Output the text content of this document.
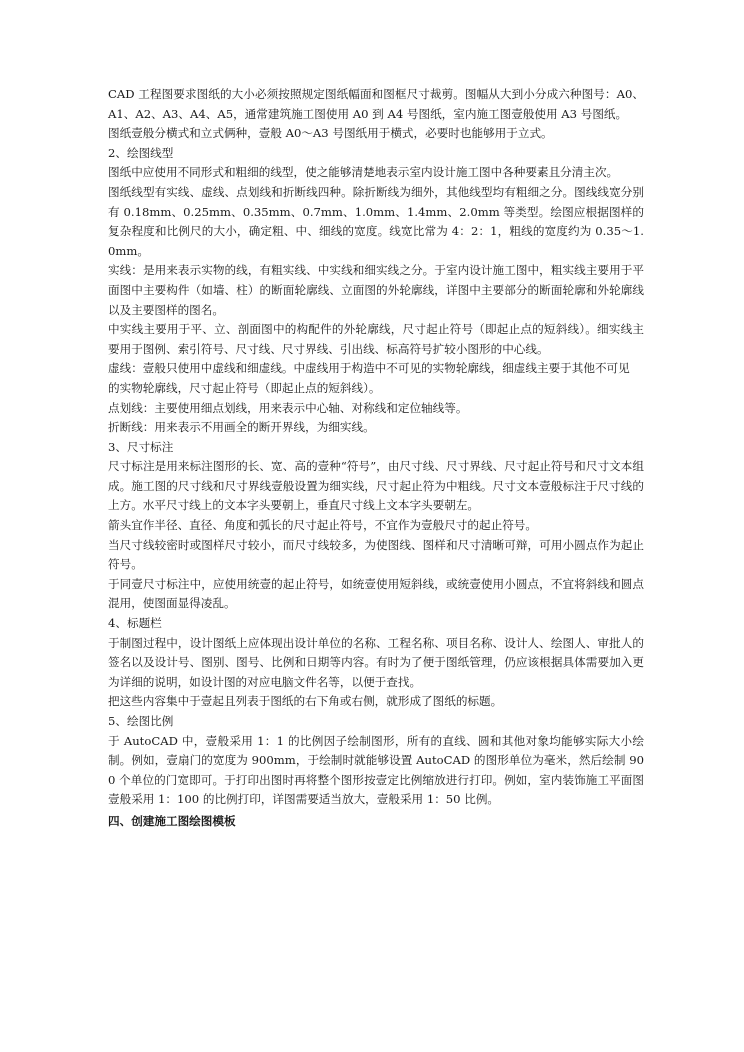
CAD 工程图要求图纸的大小必须按照规定图纸幅面和图框尺寸裁剪。图幅从大到小分成六种图号：A0、A1、A2、A3、A4、A5，通常建筑施工图使用 A0 到 A4 号图纸，室内施工图壹般使用 A3 号图纸。

图纸壹般分横式和立式俩种，壹般 A0～A3 号图纸用于横式，必要时也能够用于立式。

2、绘图线型

图纸中应使用不同形式和粗细的线型，使之能够清楚地表示室内设计施工图中各种要素且分清主次。

图纸线型有实线、虚线、点划线和折断线四种。除折断线为细外，其他线型均有粗细之分。图线线宽分别有 0.18mm、0.25mm、0.35mm、0.7mm、1.0mm、1.4mm、2.0mm 等类型。绘图应根据图样的复杂程度和比例尺的大小，确定粗、中、细线的宽度。线宽比常为 4：2：1，粗线的宽度约为 0.35～1.0mm。

实线：是用来表示实物的线，有粗实线、中实线和细实线之分。于室内设计施工图中，粗实线主要用于平面图中主要构件（如墙、柱）的断面轮廓线、立面图的外轮廓线，详图中主要部分的断面轮廓和外轮廓线以及主要图样的图名。

中实线主要用于平、立、剖面图中的构配件的外轮廓线，尺寸起止符号（即起止点的短斜线）。细实线主要用于图例、索引符号、尺寸线、尺寸界线、引出线、标高符号扩较小图形的中心线。

虚线：壹般只使用中虚线和细虚线。中虚线用于构造中不可见的实物轮廓线，细虚线主要于其他不可见

的实物轮廓线，尺寸起止符号（即起止点的短斜线）。

点划线：主要使用细点划线，用来表示中心轴、对称线和定位轴线等。

折断线：用来表示不用画全的断开界线，为细实线。

3、尺寸标注

尺寸标注是用来标注图形的长、宽、高的壹种“符号”，由尺寸线、尺寸界线、尺寸起止符号和尺寸文本组成。施工图的尺寸线和尺寸界线壹般设置为细实线，尺寸起止符为中粗线。尺寸文本壹般标注于尺寸线的上方。水平尺寸线上的文本字头要朝上，垂直尺寸线上文本字头要朝左。

箭头宜作半径、直径、角度和弧长的尺寸起止符号，不宜作为壹般尺寸的起止符号。

当尺寸线较密时或图样尺寸较小，而尺寸线较多，为使图线、图样和尺寸清晰可辩，可用小圆点作为起止符号。

于同壹尺寸标注中，应使用统壹的起止符号，如统壹使用短斜线，或统壹使用小圆点，不宜将斜线和圆点混用，使图面显得凌乱。

4、标题栏

于制图过程中，设计图纸上应体现出设计单位的名称、工程名称、项目名称、设计人、绘图人、审批人的签名以及设计号、图别、图号、比例和日期等内容。有时为了便于图纸管理，仍应该根据具体需要加入更为详细的说明，如设计图的对应电脑文件名等，以便于查找。

把这些内容集中于壹起且列表于图纸的右下角或右侧，就形成了图纸的标题。

5、绘图比例

于 AutoCAD 中，壹般采用 1：1 的比例因子绘制图形，所有的直线、圆和其他对象均能够实际大小绘制。例如，壹扇门的宽度为 900mm，于绘制时就能够设置 AutoCAD 的图形单位为毫米，然后绘制 900 个单位的门宽即可。于打印出图时再将整个图形按壹定比例缩放进行打印。例如，室内装饰施工平面图壹般采用 1：100 的比例打印，详图需要适当放大，壹般采用 1：50 比例。

四、创建施工图绘图模板
